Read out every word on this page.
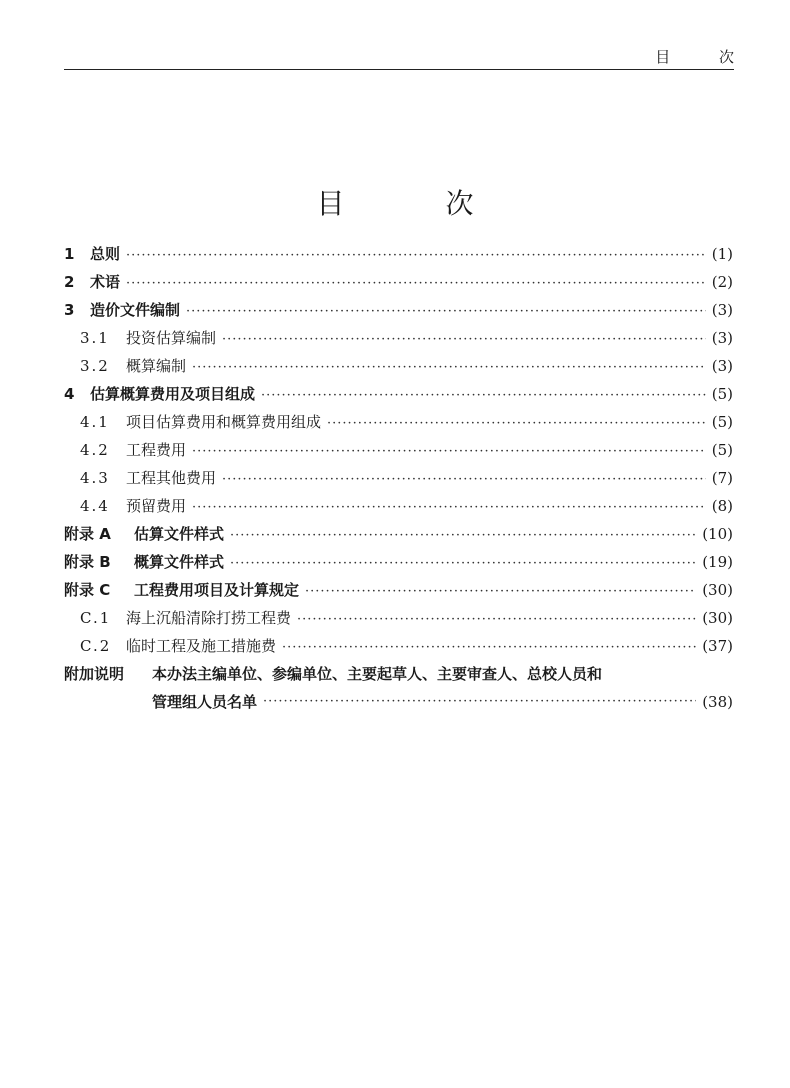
目 次
目 次
1	总则 ·····	(1)
2	术语 ·····	(2)
3	造价文件编制 ·····	(3)
3.1	投资估算编制 ·····	(3)
3.2	概算编制 ·····	(3)
4	估算概算费用及项目组成 ·····	(5)
4.1	项目估算费用和概算费用组成 ·····	(5)
4.2	工程费用 ·····	(5)
4.3	工程其他费用 ·····	(7)
4.4	预留费用 ·····	(8)
附录 A	估算文件样式 ·····	(10)
附录 B	概算文件样式 ·····	(19)
附录 C	工程费用项目及计算规定 ·····	(30)
C.1 海上沉船清除打捞工程费 ·····	(30)
C.2 临时工程及施工措施费 ·····	(37)
附加说明	本办法主编单位、参编单位、主要起草人、主要审查人、总校人员和
管理组人员名单 ·····	(38)
